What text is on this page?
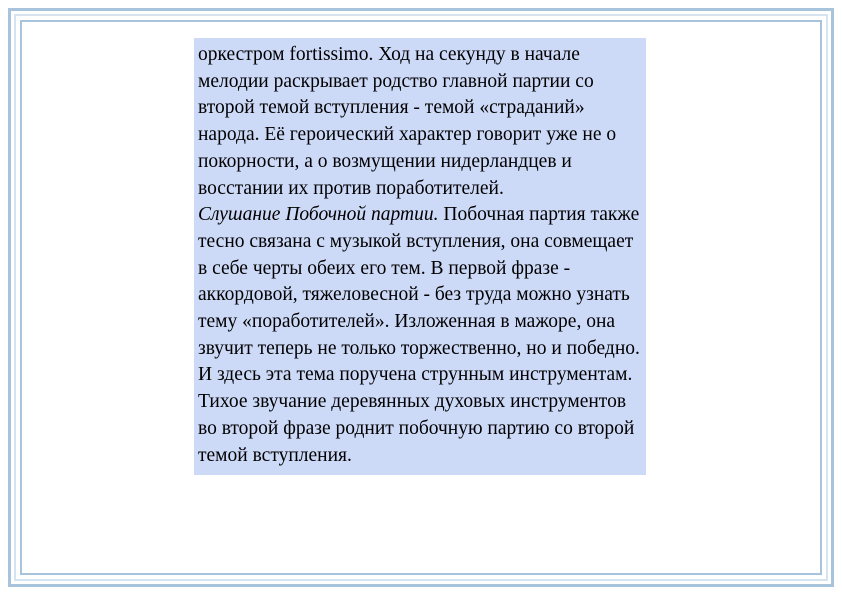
оркестром fortissimo. Ход на секунду в начале мелодии раскрывает родство главной партии со второй темой вступления - темой «страданий» народа. Её героический характер говорит уже не о покорности, а о возмущении нидерландцев и восстании их против поработителей.

Слушание Побочной партии. Побочная партия также тесно связана с музыкой вступления, она совмещает в себе черты обеих его тем. В первой фразе - аккордовой, тяжеловесной - без труда можно узнать тему «поработителей». Изложенная в мажоре, она звучит теперь не только торжественно, но и победно. И здесь эта тема поручена струнным инструментам. Тихое звучание деревянных духовых инструментов во второй фразе роднит побочную партию со второй темой вступления.
